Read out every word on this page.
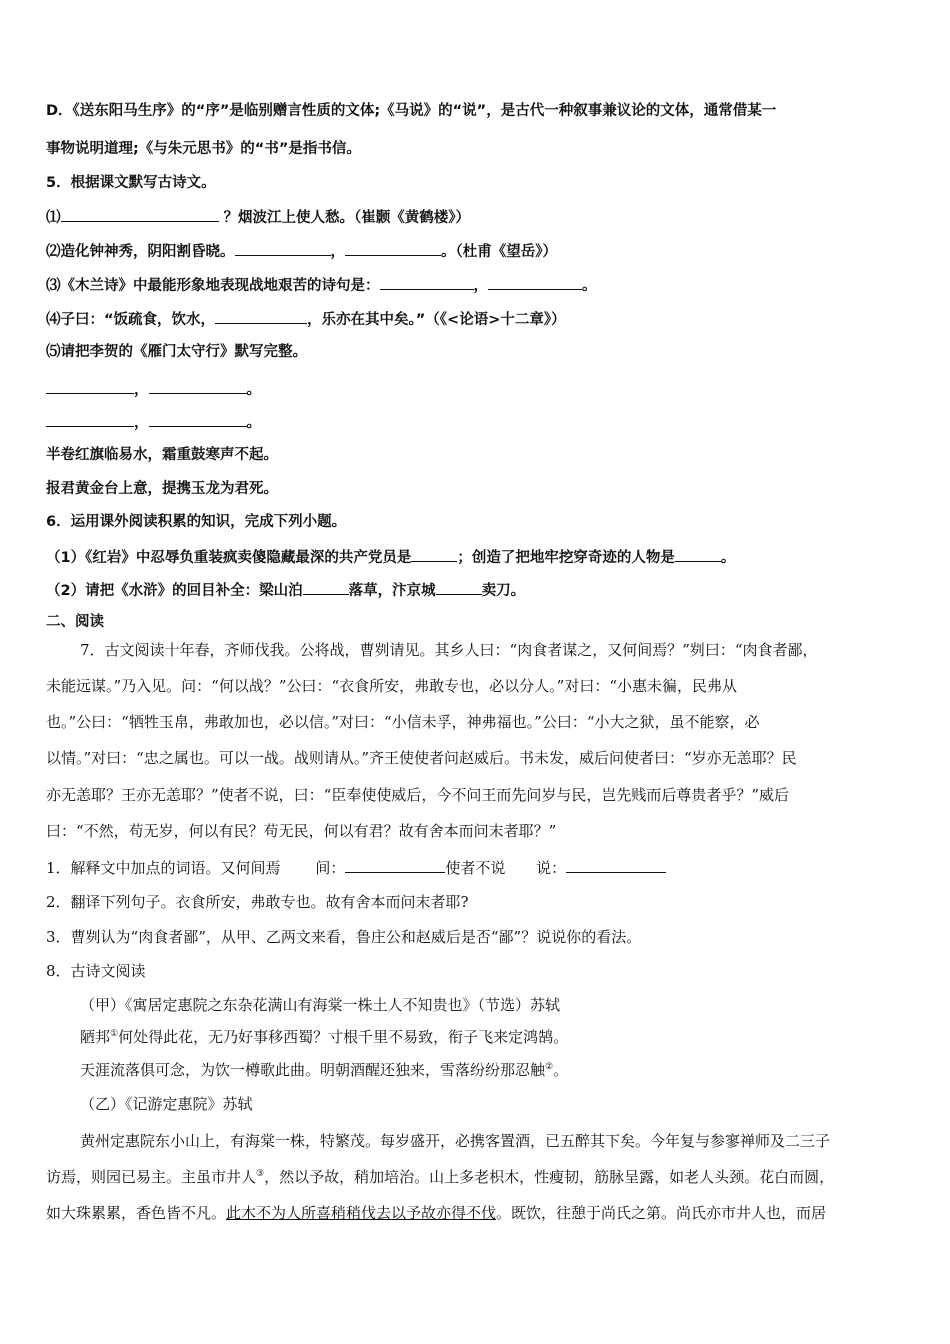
D．《送东阳马生序》的“序”是临别赠言性质的文体;《马说》的“说”，是古代一种叙事兼议论的文体，通常借某一
事物说明道理;《与朱元思书》的“书”是指书信。
5．根据课文默写古诗文。
⑴	？烟波江上使人愁。（崔颢《黄鹤楼》）
⑵造化钟神秀，阴阳割昏晓。	，	。（杜甫《望岳》）
⑶《木兰诗》中最能形象地表现战地艰苦的诗句是：	，	。
⑷子曰：“饭疏食，饮水，	，乐亦在其中矣。”（《<论语>十二章》）
⑸请把李贺的《雁门太守行》默写完整。
，	。
，	。
半卷红旗临易水，霜重鼓寒声不起。
报君黄金台上意，提携玉龙为君死。
6．运用课外阅读积累的知识，完成下列小题。
（1）《红岩》中忍辱负重装疯卖傻隐藏最深的共产党员是	；创造了把地牢挖穿奇迹的人物是	。
（2）请把《水浒》的回目补全：梁山泊	落草，汴京城	卖刀。
二、阅读
7．古文阅读十年春，齐师伐我。公将战，曹刿请见。其乡人曰：“肉食者谋之，又何间焉？”刿曰：“肉食者鄙，
未能远谋。”乃入见。问：“何以战？”公曰：“衣食所安，弗敢专也，必以分人。”对曰：“小惠未徧，民弗从
也。”公曰：“牺牲玉帛，弗敢加也，必以信。”对曰：“小信未孚，神弗福也。”公曰：“小大之狱，虽不能察，必
以情。”对曰：“忠之属也。可以一战。战则请从。”齐王使使者问赵威后。书未发，威后问使者曰：“岁亦无恙耶？民
亦无恙耶？王亦无恙耶？”使者不说，曰：“臣奉使使威后，今不问王而先问岁与民，岂先贱而后尊贵者乎？”威后
曰：“不然，苟无岁，何以有民？苟无民，何以有君？故有舍本而问末者耶？”
1．解释文中加点的词语。又何间焉 间：	使者不说 说：
2．翻译下列句子。衣食所安，弗敢专也。故有舍本而问末者耶?
3．曹刿认为“肉食者鄙”，从甲、乙两文来看，鲁庄公和赵威后是否“鄙”？说说你的看法。
8．古诗文阅读
（甲）《寓居定惠院之东杂花满山有海棠一株土人不知贵也》（节选）苏轼
陋邦①何处得此花，无乃好事移西蜀？寸根千里不易致，衔子飞来定鸿鹄。
天涯流落俱可念，为饮一樽歌此曲。明朝酒醒还独来，雪落纷纷那忍触②。
（乙）《记游定惠院》苏轼
黄州定惠院东小山上，有海棠一株，特繁茂。每岁盛开，必携客置酒，已五醉其下矣。今年复与参寥禅师及二三子
访焉，则园已易主。主虽市井人③，然以予故，稍加培治。山上多老枳木，性瘦韧，筋脉呈露，如老人头颈。花白而圆，
如大珠累累，香色皆不凡。此木不为人所喜稍稍伐去以予故亦得不伐。既饮，往憩于尚氏之第。尚氏亦市井人也，而居
